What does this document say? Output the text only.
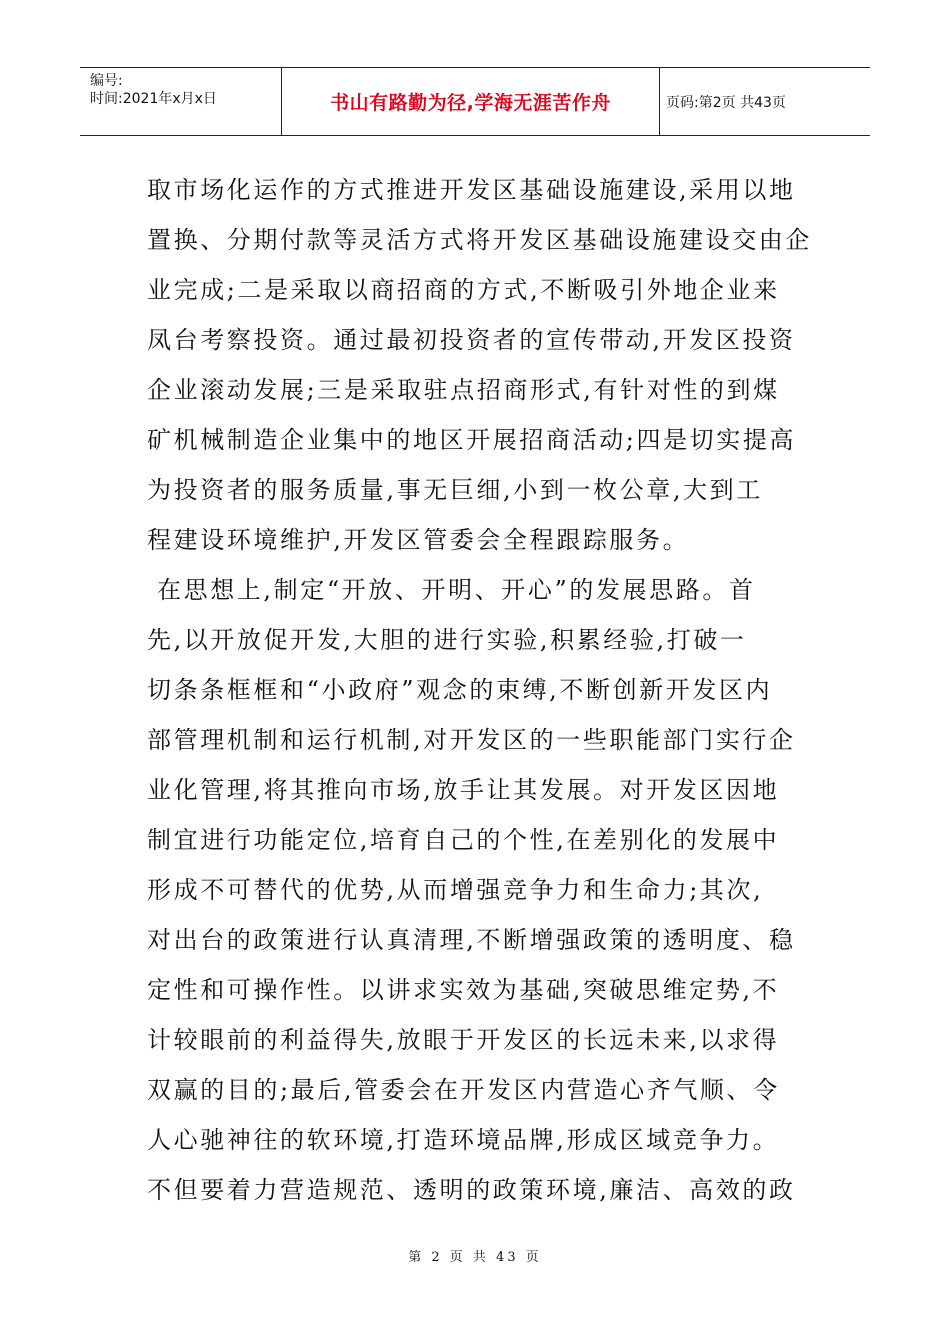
编号:
时间:2021年x月x日	书山有路勤为径,学海无涯苦作舟	页码:第2页 共43页
取市场化运作的方式推进开发区基础设施建设,采用以地
置换、分期付款等灵活方式将开发区基础设施建设交由企
业完成;二是采取以商招商的方式,不断吸引外地企业来
凤台考察投资。通过最初投资者的宣传带动,开发区投资
企业滚动发展;三是采取驻点招商形式,有针对性的到煤
矿机械制造企业集中的地区开展招商活动;四是切实提高
为投资者的服务质量,事无巨细,小到一枚公章,大到工
程建设环境维护,开发区管委会全程跟踪服务。
在思想上,制定“开放、开明、开心”的发展思路。首
先,以开放促开发,大胆的进行实验,积累经验,打破一
切条条框框和“小政府”观念的束缚,不断创新开发区内
部管理机制和运行机制,对开发区的一些职能部门实行企
业化管理,将其推向市场,放手让其发展。对开发区因地
制宜进行功能定位,培育自己的个性,在差别化的发展中
形成不可替代的优势,从而增强竞争力和生命力;其次,
对出台的政策进行认真清理,不断增强政策的透明度、稳
定性和可操作性。以讲求实效为基础,突破思维定势,不
计较眼前的利益得失,放眼于开发区的长远未来,以求得
双赢的目的;最后,管委会在开发区内营造心齐气顺、令
人心驰神往的软环境,打造环境品牌,形成区域竞争力。
不但要着力营造规范、透明的政策环境,廉洁、高效的政
第 2 页 共 43 页
